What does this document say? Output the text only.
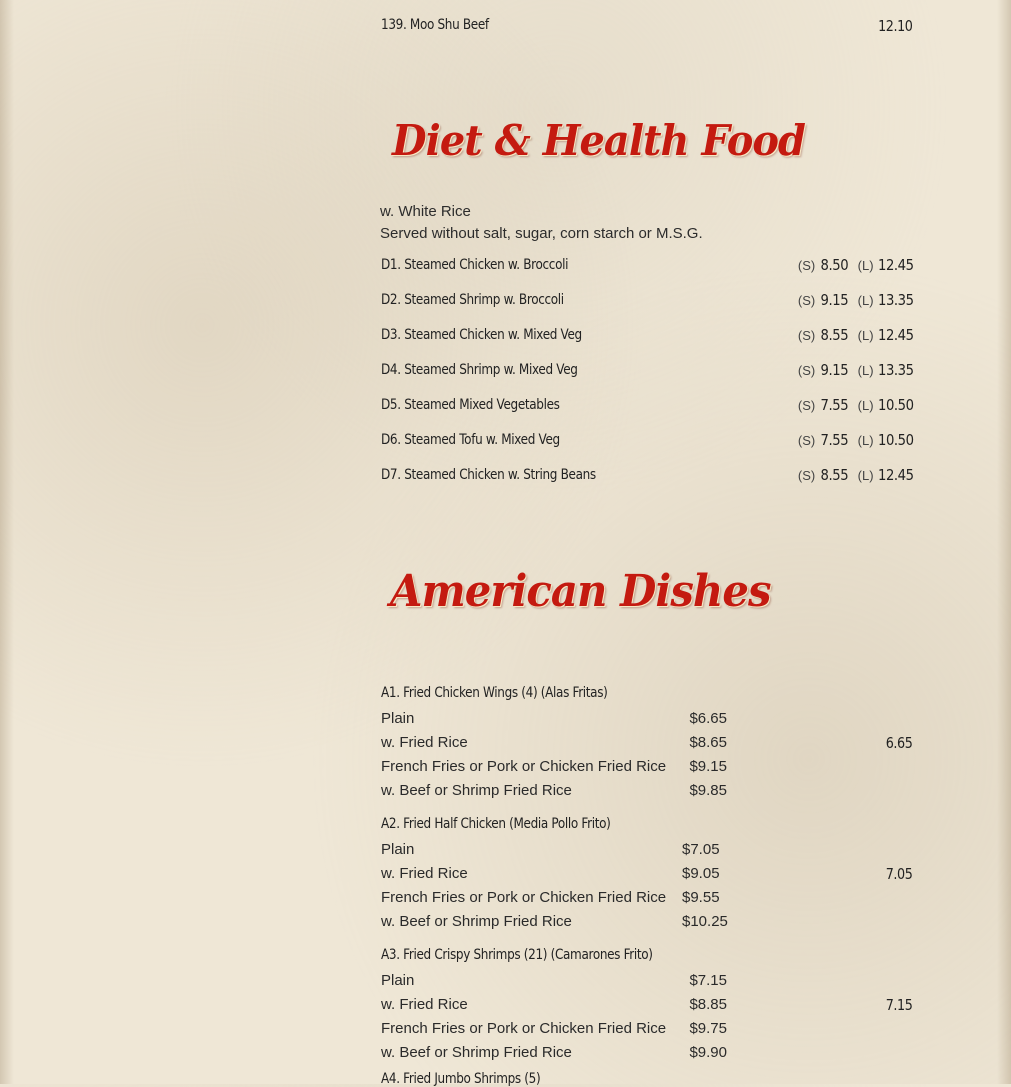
139. Moo Shu Beef	12.10
Diet & Health Food
w. White Rice
Served without salt, sugar, corn starch or M.S.G.
D1. Steamed Chicken w. Broccoli	(S) 8.50 (L) 12.45
D2. Steamed Shrimp w. Broccoli	(S) 9.15 (L) 13.35
D3. Steamed Chicken w. Mixed Veg	(S) 8.55 (L) 12.45
D4. Steamed Shrimp w. Mixed Veg	(S) 9.15 (L) 13.35
D5. Steamed Mixed Vegetables	(S) 7.55 (L) 10.50
D6. Steamed Tofu w. Mixed Veg	(S) 7.55 (L) 10.50
D7. Steamed Chicken w. String Beans	(S) 8.55 (L) 12.45
American Dishes
A1. Fried Chicken Wings (4) (Alas Fritas)
Plain	$6.65
w. Fried Rice	$8.65
French Fries or Pork or Chicken Fried Rice $9.15
w. Beef or Shrimp Fried Rice	$9.85
6.65
A2. Fried Half Chicken (Media Pollo Frito)
Plain	$7.05
w. Fried Rice	$9.05
French Fries or Pork or Chicken Fried Rice $9.55
w. Beef or Shrimp Fried Rice	$10.25
7.05
A3. Fried Crispy Shrimps (21) (Camarones Frito)
Plain	$7.15
w. Fried Rice	$8.85
French Fries or Pork or Chicken Fried Rice $9.75
w. Beef or Shrimp Fried Rice	$9.90
7.15
A4. Fried Jumbo Shrimps (5)
